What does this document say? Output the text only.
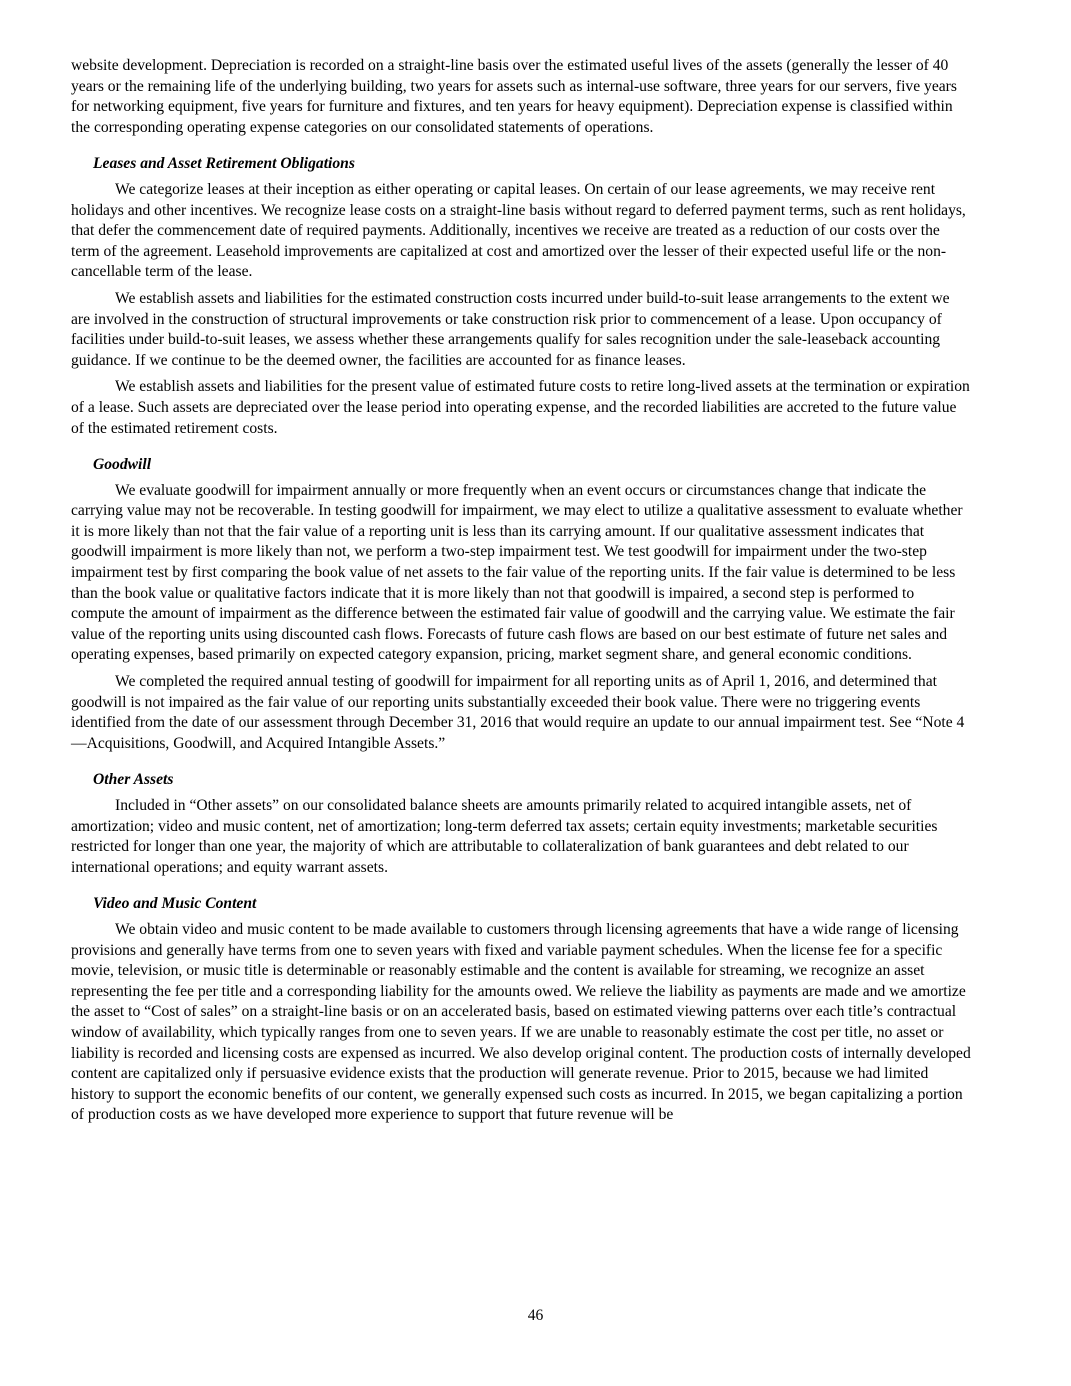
website development. Depreciation is recorded on a straight-line basis over the estimated useful lives of the assets (generally the lesser of 40 years or the remaining life of the underlying building, two years for assets such as internal-use software, three years for our servers, five years for networking equipment, five years for furniture and fixtures, and ten years for heavy equipment). Depreciation expense is classified within the corresponding operating expense categories on our consolidated statements of operations.

Leases and Asset Retirement Obligations

We categorize leases at their inception as either operating or capital leases. On certain of our lease agreements, we may receive rent holidays and other incentives. We recognize lease costs on a straight-line basis without regard to deferred payment terms, such as rent holidays, that defer the commencement date of required payments. Additionally, incentives we receive are treated as a reduction of our costs over the term of the agreement. Leasehold improvements are capitalized at cost and amortized over the lesser of their expected useful life or the non-cancellable term of the lease.

We establish assets and liabilities for the estimated construction costs incurred under build-to-suit lease arrangements to the extent we are involved in the construction of structural improvements or take construction risk prior to commencement of a lease. Upon occupancy of facilities under build-to-suit leases, we assess whether these arrangements qualify for sales recognition under the sale-leaseback accounting guidance. If we continue to be the deemed owner, the facilities are accounted for as finance leases.

We establish assets and liabilities for the present value of estimated future costs to retire long-lived assets at the termination or expiration of a lease. Such assets are depreciated over the lease period into operating expense, and the recorded liabilities are accreted to the future value of the estimated retirement costs.

Goodwill

We evaluate goodwill for impairment annually or more frequently when an event occurs or circumstances change that indicate the carrying value may not be recoverable. In testing goodwill for impairment, we may elect to utilize a qualitative assessment to evaluate whether it is more likely than not that the fair value of a reporting unit is less than its carrying amount. If our qualitative assessment indicates that goodwill impairment is more likely than not, we perform a two-step impairment test. We test goodwill for impairment under the two-step impairment test by first comparing the book value of net assets to the fair value of the reporting units. If the fair value is determined to be less than the book value or qualitative factors indicate that it is more likely than not that goodwill is impaired, a second step is performed to compute the amount of impairment as the difference between the estimated fair value of goodwill and the carrying value. We estimate the fair value of the reporting units using discounted cash flows. Forecasts of future cash flows are based on our best estimate of future net sales and operating expenses, based primarily on expected category expansion, pricing, market segment share, and general economic conditions.

We completed the required annual testing of goodwill for impairment for all reporting units as of April 1, 2016, and determined that goodwill is not impaired as the fair value of our reporting units substantially exceeded their book value. There were no triggering events identified from the date of our assessment through December 31, 2016 that would require an update to our annual impairment test. See “Note 4—Acquisitions, Goodwill, and Acquired Intangible Assets.”

Other Assets

Included in “Other assets” on our consolidated balance sheets are amounts primarily related to acquired intangible assets, net of amortization; video and music content, net of amortization; long-term deferred tax assets; certain equity investments; marketable securities restricted for longer than one year, the majority of which are attributable to collateralization of bank guarantees and debt related to our international operations; and equity warrant assets.

Video and Music Content

We obtain video and music content to be made available to customers through licensing agreements that have a wide range of licensing provisions and generally have terms from one to seven years with fixed and variable payment schedules. When the license fee for a specific movie, television, or music title is determinable or reasonably estimable and the content is available for streaming, we recognize an asset representing the fee per title and a corresponding liability for the amounts owed. We relieve the liability as payments are made and we amortize the asset to “Cost of sales” on a straight-line basis or on an accelerated basis, based on estimated viewing patterns over each title’s contractual window of availability, which typically ranges from one to seven years. If we are unable to reasonably estimate the cost per title, no asset or liability is recorded and licensing costs are expensed as incurred. We also develop original content. The production costs of internally developed content are capitalized only if persuasive evidence exists that the production will generate revenue. Prior to 2015, because we had limited history to support the economic benefits of our content, we generally expensed such costs as incurred. In 2015, we began capitalizing a portion of production costs as we have developed more experience to support that future revenue will be

46
